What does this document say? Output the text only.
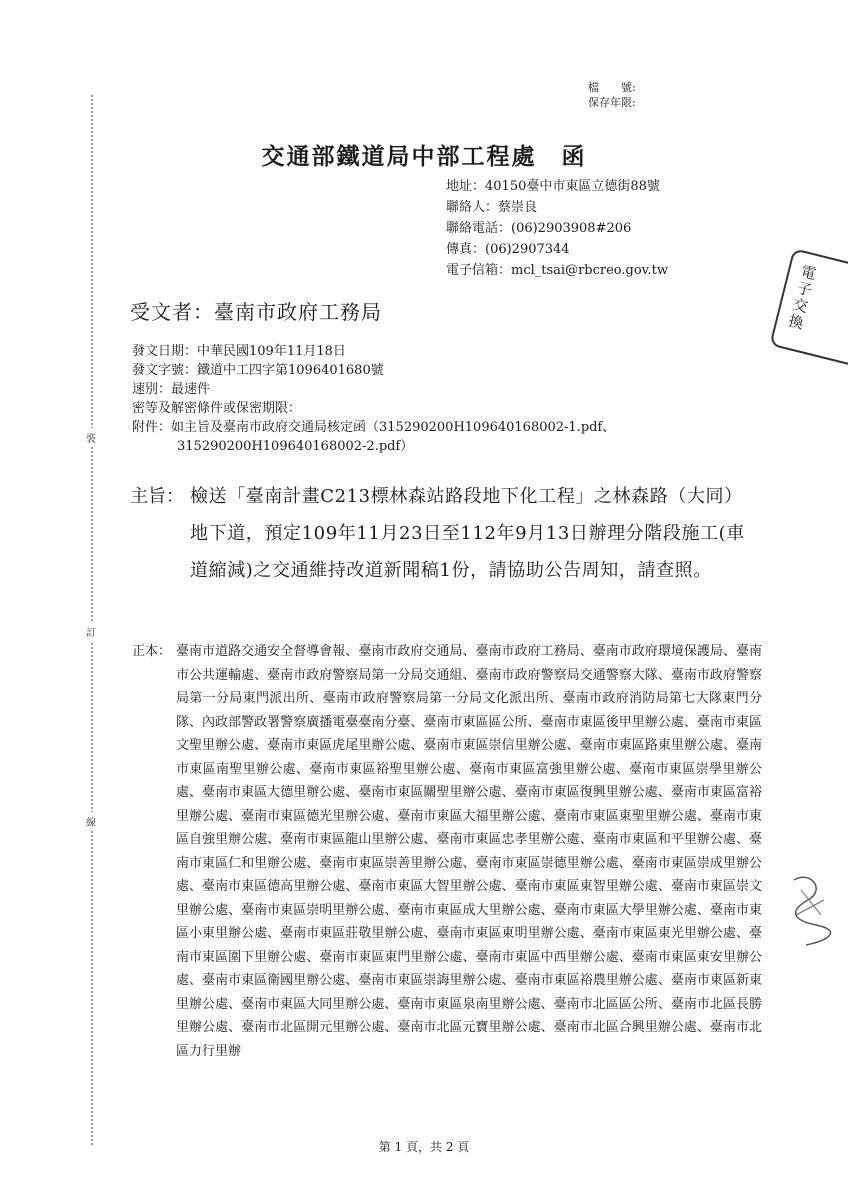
裝
訂
線
檔　　號:
保存年限:
交通部鐵道局中部工程處　函
地址：40150臺中市東區立德街88號
聯絡人：蔡崇良
聯絡電話：(06)2903908#206
傳真：(06)2907344
電子信箱：mcl_tsai@rbcreo.gov.tw	電子交換
受文者：臺南市政府工務局
發文日期：中華民國109年11月18日
發文字號：鐵道中工四字第1096401680號
速別：最速件
密等及解密條件或保密期限：
附件：如主旨及臺南市政府交通局核定函（315290200H109640168002-1.pdf、
315290200H109640168002-2.pdf）
主旨： 檢送「臺南計畫C213標林森站路段地下化工程」之林森路（大同）地下道，預定109年11月23日至112年9月13日辦理分階段施工(車道縮減)之交通維持改道新聞稿1份，請協助公告周知，請查照。
正本： 臺南市道路交通安全督導會報、臺南市政府交通局、臺南市政府工務局、臺南市政府環境保護局、臺南市公共運輸處、臺南市政府警察局第一分局交通組、臺南市政府警察局交通警察大隊、臺南市政府警察局第一分局東門派出所、臺南市政府警察局第一分局文化派出所、臺南市政府消防局第七大隊東門分隊、內政部警政署警察廣播電臺臺南分臺、臺南市東區區公所、臺南市東區後甲里辦公處、臺南市東區文聖里辦公處、臺南市東區虎尾里辦公處、臺南市東區崇信里辦公處、臺南市東區路東里辦公處、臺南市東區南聖里辦公處、臺南市東區裕聖里辦公處、臺南市東區富強里辦公處、臺南市東區崇學里辦公處、臺南市東區大德里辦公處、臺南市東區關聖里辦公處、臺南市東區復興里辦公處、臺南市東區富裕里辦公處、臺南市東區德光里辦公處、臺南市東區大福里辦公處、臺南市東區東聖里辦公處、臺南市東區自強里辦公處、臺南市東區龍山里辦公處、臺南市東區忠孝里辦公處、臺南市東區和平里辦公處、臺南市東區仁和里辦公處、臺南市東區崇善里辦公處、臺南市東區崇德里辦公處、臺南市東區崇成里辦公處、臺南市東區德高里辦公處、臺南市東區大智里辦公處、臺南市東區東智里辦公處、臺南市東區崇文里辦公處、臺南市東區崇明里辦公處、臺南市東區成大里辦公處、臺南市東區大學里辦公處、臺南市東區小東里辦公處、臺南市東區莊敬里辦公處、臺南市東區東明里辦公處、臺南市東區東光里辦公處、臺南市東區圍下里辦公處、臺南市東區東門里辦公處、臺南市東區中西里辦公處、臺南市東區東安里辦公處、臺南市東區衛國里辦公處、臺南市東區崇誨里辦公處、臺南市東區裕農里辦公處、臺南市東區新東里辦公處、臺南市東區大同里辦公處、臺南市東區泉南里辦公處、臺南市北區區公所、臺南市北區長勝里辦公處、臺南市北區開元里辦公處、臺南市北區元寶里辦公處、臺南市北區合興里辦公處、臺南市北區力行里辦
第 1 頁，共 2 頁
